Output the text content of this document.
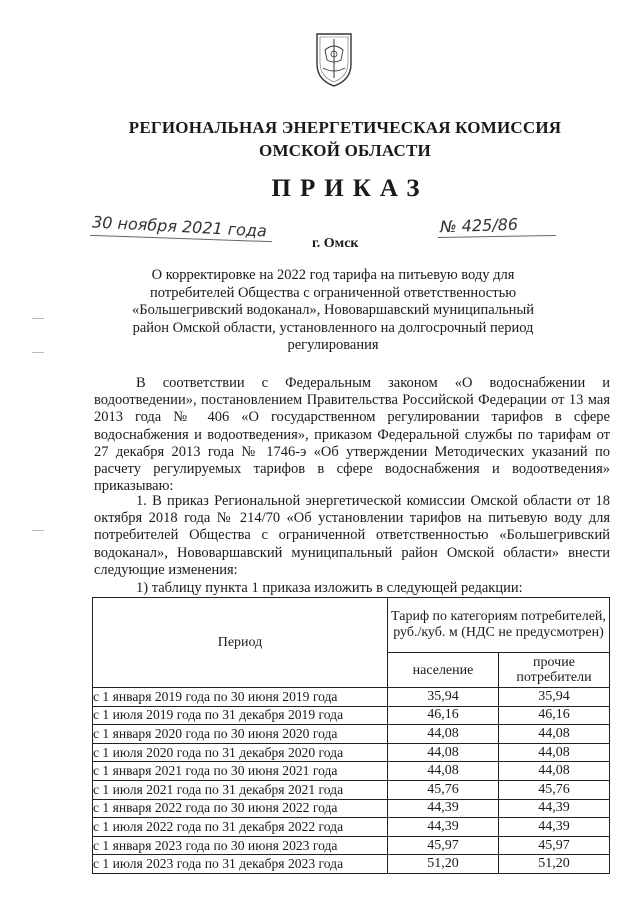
РЕГИОНАЛЬНАЯ ЭНЕРГЕТИЧЕСКАЯ КОМИССИЯ
ОМСКОЙ ОБЛАСТИ
ПРИКАЗ
30 ноября 2021 года	№ 425/86
г. Омск
О корректировке на 2022 год тарифа на питьевую воду для потребителей Общества с ограниченной ответственностью «Большегривский водоканал», Нововаршавский муниципальный район Омской области, установленного на долгосрочный период регулирования
В соответствии с Федеральным законом «О водоснабжении и водоотведении», постановлением Правительства Российской Федерации от 13 мая 2013 года № 406 «О государственном регулировании тарифов в сфере водоснабжения и водоотведения», приказом Федеральной службы по тарифам от 27 декабря 2013 года № 1746-э «Об утверждении Методических указаний по расчету регулируемых тарифов в сфере водоснабжения и водоотведения» приказываю:
1. В приказ Региональной энергетической комиссии Омской области от 18 октября 2018 года № 214/70 «Об установлении тарифов на питьевую воду для потребителей Общества с ограниченной ответственностью «Большегривский водоканал», Нововаршавский муниципальный район Омской области» внести следующие изменения:
1) таблицу пункта 1 приказа изложить в следующей редакции:
Период	Тариф по категориям потребителей, руб./куб. м (НДС не предусмотрен)	
	население	прочие потребители
с 1 января 2019 года по 30 июня 2019 года	35,94	35,94
с 1 июля 2019 года по 31 декабря 2019 года	46,16	46,16
с 1 января 2020 года по 30 июня 2020 года	44,08	44,08
с 1 июля 2020 года по 31 декабря 2020 года	44,08	44,08
с 1 января 2021 года по 30 июня 2021 года	44,08	44,08
с 1 июля 2021 года по 31 декабря 2021 года	45,76	45,76
с 1 января 2022 года по 30 июня 2022 года	44,39	44,39
с 1 июля 2022 года по 31 декабря 2022 года	44,39	44,39
с 1 января 2023 года по 30 июня 2023 года	45,97	45,97
с 1 июля 2023 года по 31 декабря 2023 года	51,20	51,20
